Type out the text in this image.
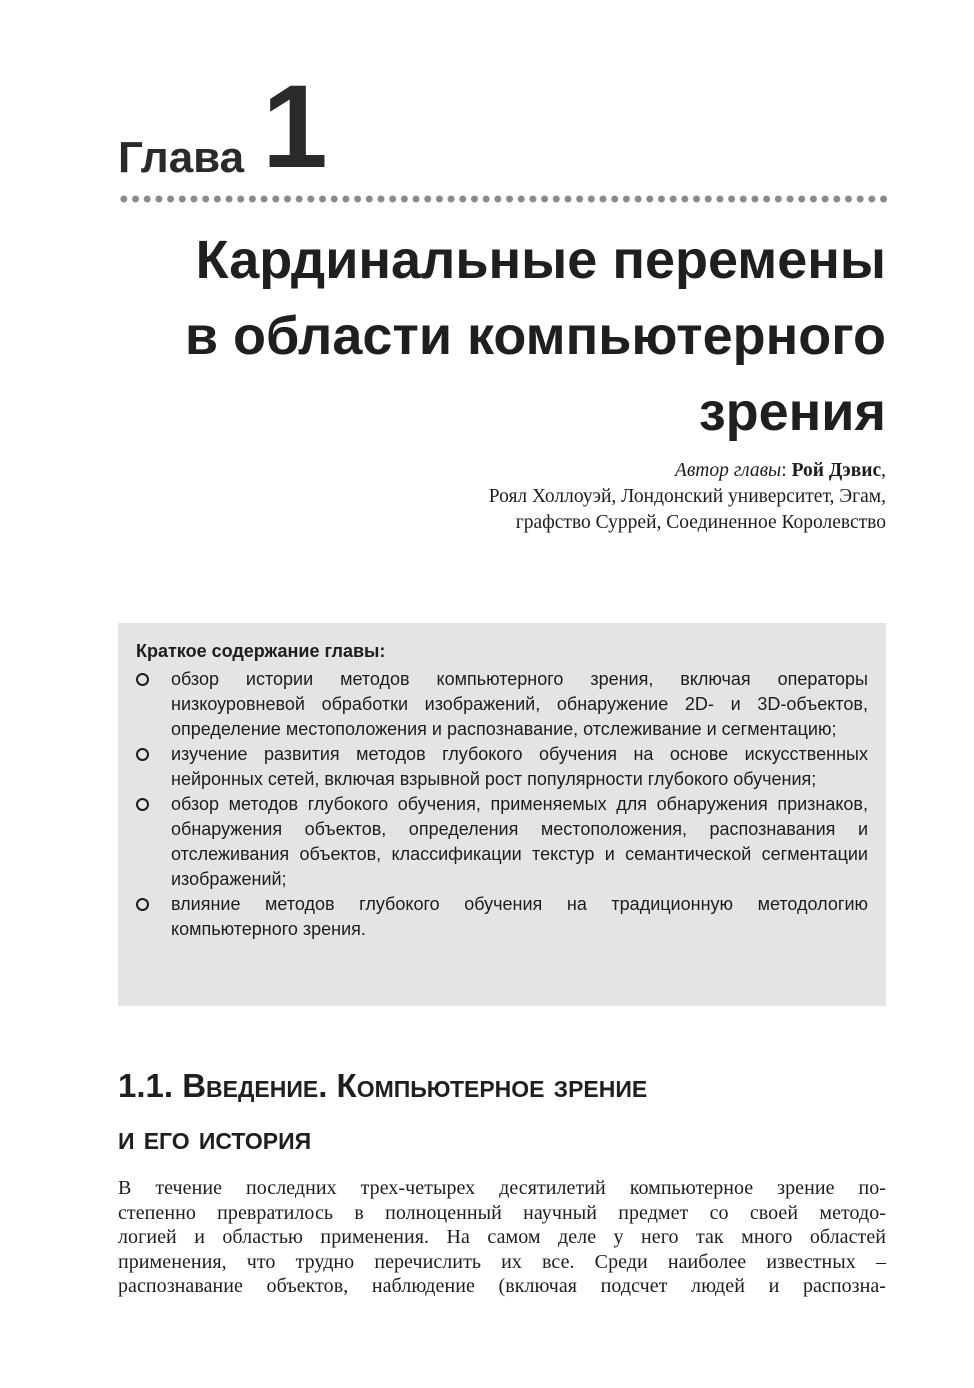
Глава 1
Кардинальные перемены
в области компьютерного
зрения
Автор главы: Рой Дэвис,
Роял Холлоуэй, Лондонский университет, Эгам,
графство Суррей, Соединенное Королевство
Краткое содержание главы:
обзор истории методов компьютерного зрения, включая операторы низкоуровневой обработки изображений, обнаружение 2D- и 3D-объектов, определение местоположения и распознавание, отслеживание и сегментацию;
изучение развития методов глубокого обучения на основе искусственных нейронных сетей, включая взрывной рост популярности глубокого обучения;
обзор методов глубокого обучения, применяемых для обнаружения признаков, обнаружения объектов, определения местоположения, распознавания и отслеживания объектов, классификации текстур и семантической сегментации изображений;
влияние методов глубокого обучения на традиционную методологию компьютерного зрения.
1.1. Введение. Компьютерное зрение
и его история
В течение последних трех-четырех десятилетий компьютерное зрение по-
степенно превратилось в полноценный научный предмет со своей методо-
логией и областью применения. На самом деле у него так много областей
применения, что трудно перечислить их все. Среди наиболее известных –
распознавание объектов, наблюдение (включая подсчет людей и распозна-
